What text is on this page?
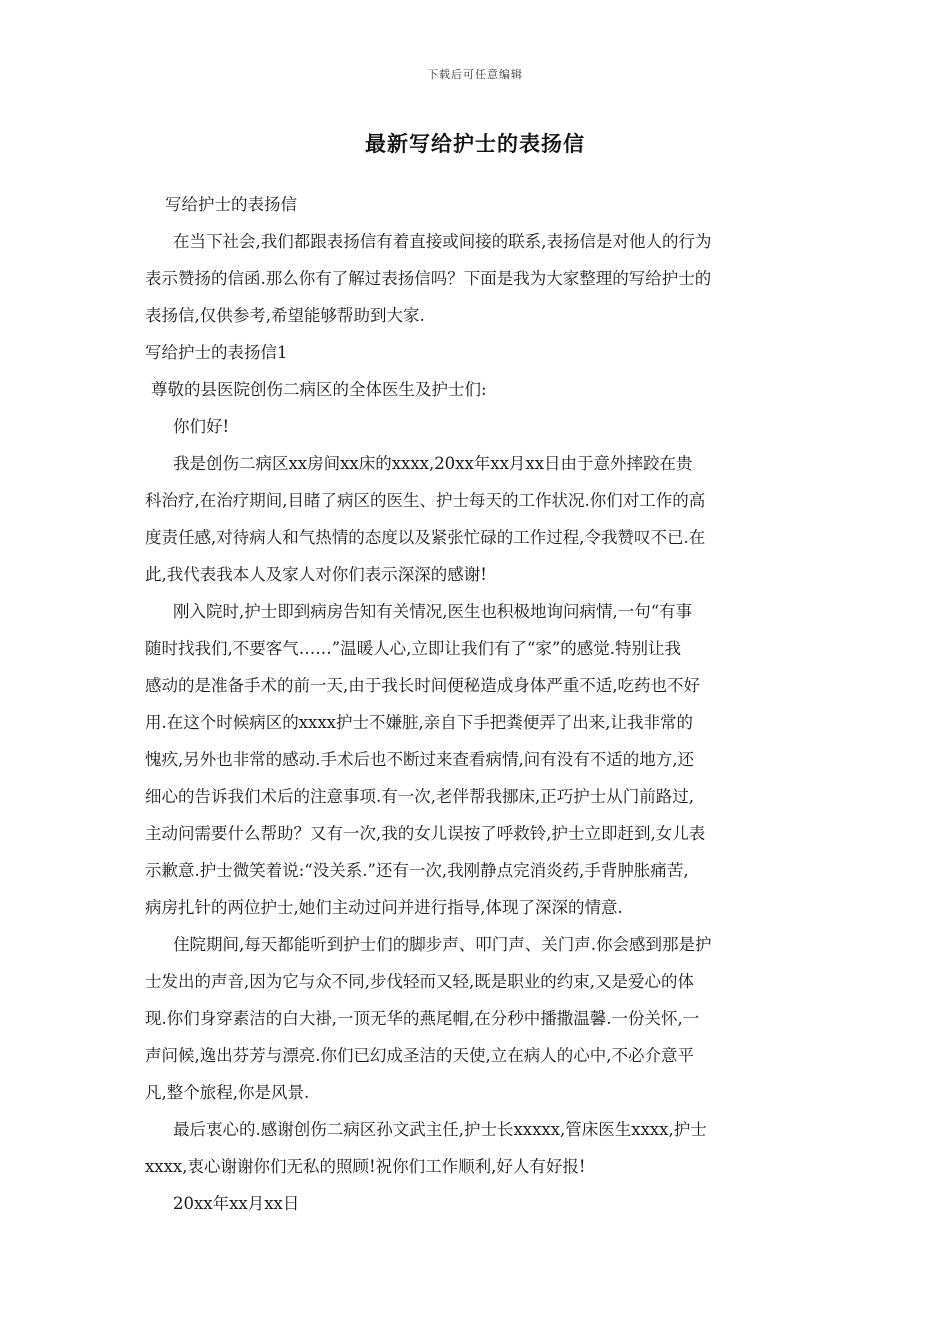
下载后可任意编辑
最新写给护士的表扬信
写给护士的表扬信
在当下社会,我们都跟表扬信有着直接或间接的联系,表扬信是对他人的行为
表示赞扬的信函.那么你有了解过表扬信吗？下面是我为大家整理的写给护士的
表扬信,仅供参考,希望能够帮助到大家.
写给护士的表扬信1
尊敬的县医院创伤二病区的全体医生及护士们:
你们好!
我是创伤二病区xx房间xx床的xxxx,20xx年xx月xx日由于意外摔跤在贵
科治疗,在治疗期间,目睹了病区的医生、护士每天的工作状况.你们对工作的高
度责任感,对待病人和气热情的态度以及紧张忙碌的工作过程,令我赞叹不已.在
此,我代表我本人及家人对你们表示深深的感谢!
刚入院时,护士即到病房告知有关情况,医生也积极地询问病情,一句“有事
随时找我们,不要客气……”温暖人心,立即让我们有了“家”的感觉.特别让我
感动的是准备手术的前一天,由于我长时间便秘造成身体严重不适,吃药也不好
用.在这个时候病区的xxxx护士不嫌脏,亲自下手把粪便弄了出来,让我非常的
愧疚,另外也非常的感动.手术后也不断过来查看病情,问有没有不适的地方,还
细心的告诉我们术后的注意事项.有一次,老伴帮我挪床,正巧护士从门前路过,
主动问需要什么帮助？又有一次,我的女儿误按了呼救铃,护士立即赶到,女儿表
示歉意.护士微笑着说:“没关系.”还有一次,我刚静点完消炎药,手背肿胀痛苦,
病房扎针的两位护士,她们主动过问并进行指导,体现了深深的情意.
住院期间,每天都能听到护士们的脚步声、叩门声、关门声.你会感到那是护
士发出的声音,因为它与众不同,步伐轻而又轻,既是职业的约束,又是爱心的体
现.你们身穿素洁的白大褂,一顶无华的燕尾帽,在分秒中播撒温馨.一份关怀,一
声问候,逸出芬芳与漂亮.你们已幻成圣洁的天使,立在病人的心中,不必介意平
凡,整个旅程,你是风景.
最后衷心的.感谢创伤二病区孙文武主任,护士长xxxxx,管床医生xxxx,护士
xxxx,衷心谢谢你们无私的照顾!祝你们工作顺利,好人有好报!
20xx年xx月xx日
